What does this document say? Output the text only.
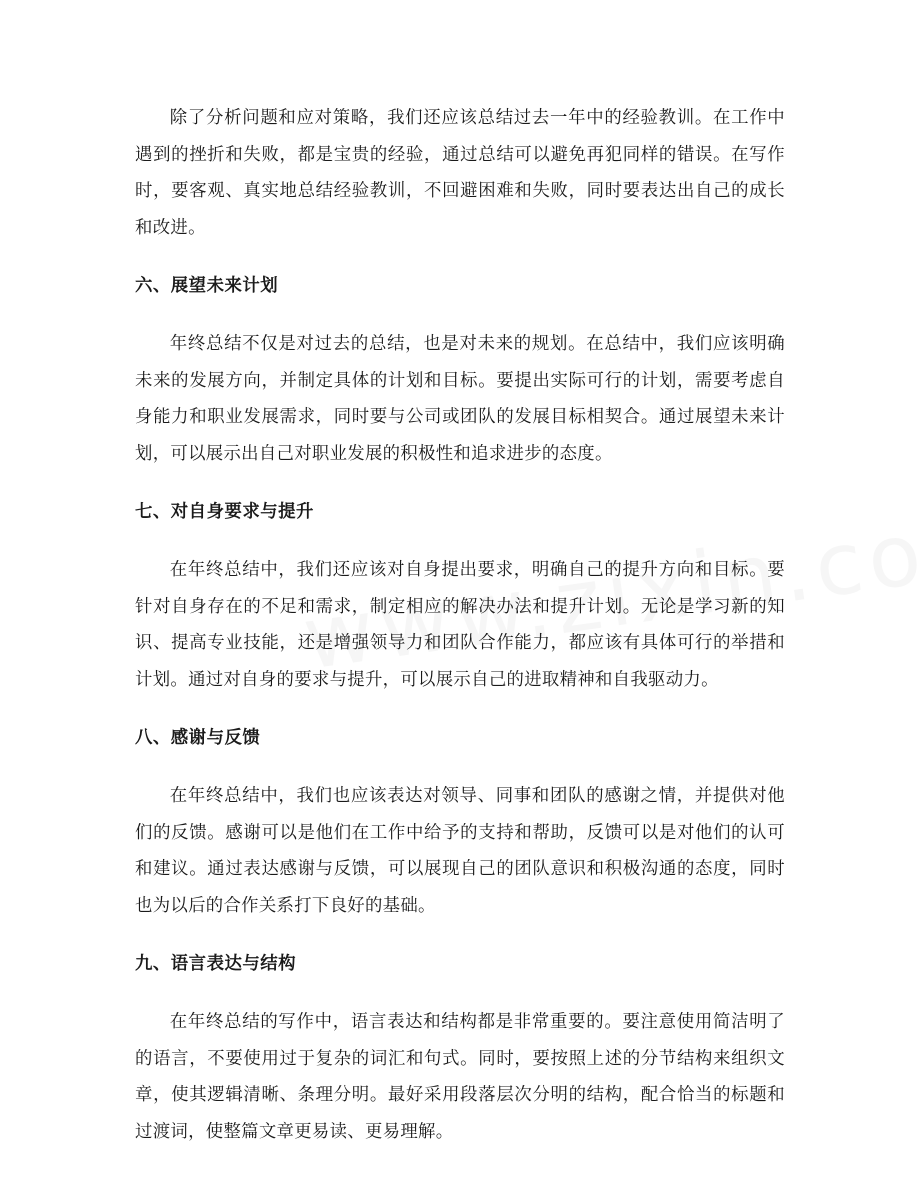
除了分析问题和应对策略，我们还应该总结过去一年中的经验教训。在工作中遇到的挫折和失败，都是宝贵的经验，通过总结可以避免再犯同样的错误。在写作时，要客观、真实地总结经验教训，不回避困难和失败，同时要表达出自己的成长和改进。

六、展望未来计划

年终总结不仅是对过去的总结，也是对未来的规划。在总结中，我们应该明确未来的发展方向，并制定具体的计划和目标。要提出实际可行的计划，需要考虑自身能力和职业发展需求，同时要与公司或团队的发展目标相契合。通过展望未来计划，可以展示出自己对职业发展的积极性和追求进步的态度。

七、对自身要求与提升

在年终总结中，我们还应该对自身提出要求，明确自己的提升方向和目标。要针对自身存在的不足和需求，制定相应的解决办法和提升计划。无论是学习新的知识、提高专业技能，还是增强领导力和团队合作能力，都应该有具体可行的举措和计划。通过对自身的要求与提升，可以展示自己的进取精神和自我驱动力。

八、感谢与反馈

在年终总结中，我们也应该表达对领导、同事和团队的感谢之情，并提供对他们的反馈。感谢可以是他们在工作中给予的支持和帮助，反馈可以是对他们的认可和建议。通过表达感谢与反馈，可以展现自己的团队意识和积极沟通的态度，同时也为以后的合作关系打下良好的基础。

九、语言表达与结构

在年终总结的写作中，语言表达和结构都是非常重要的。要注意使用简洁明了的语言，不要使用过于复杂的词汇和句式。同时，要按照上述的分节结构来组织文章，使其逻辑清晰、条理分明。最好采用段落层次分明的结构，配合恰当的标题和过渡词，使整篇文章更易读、更易理解。
